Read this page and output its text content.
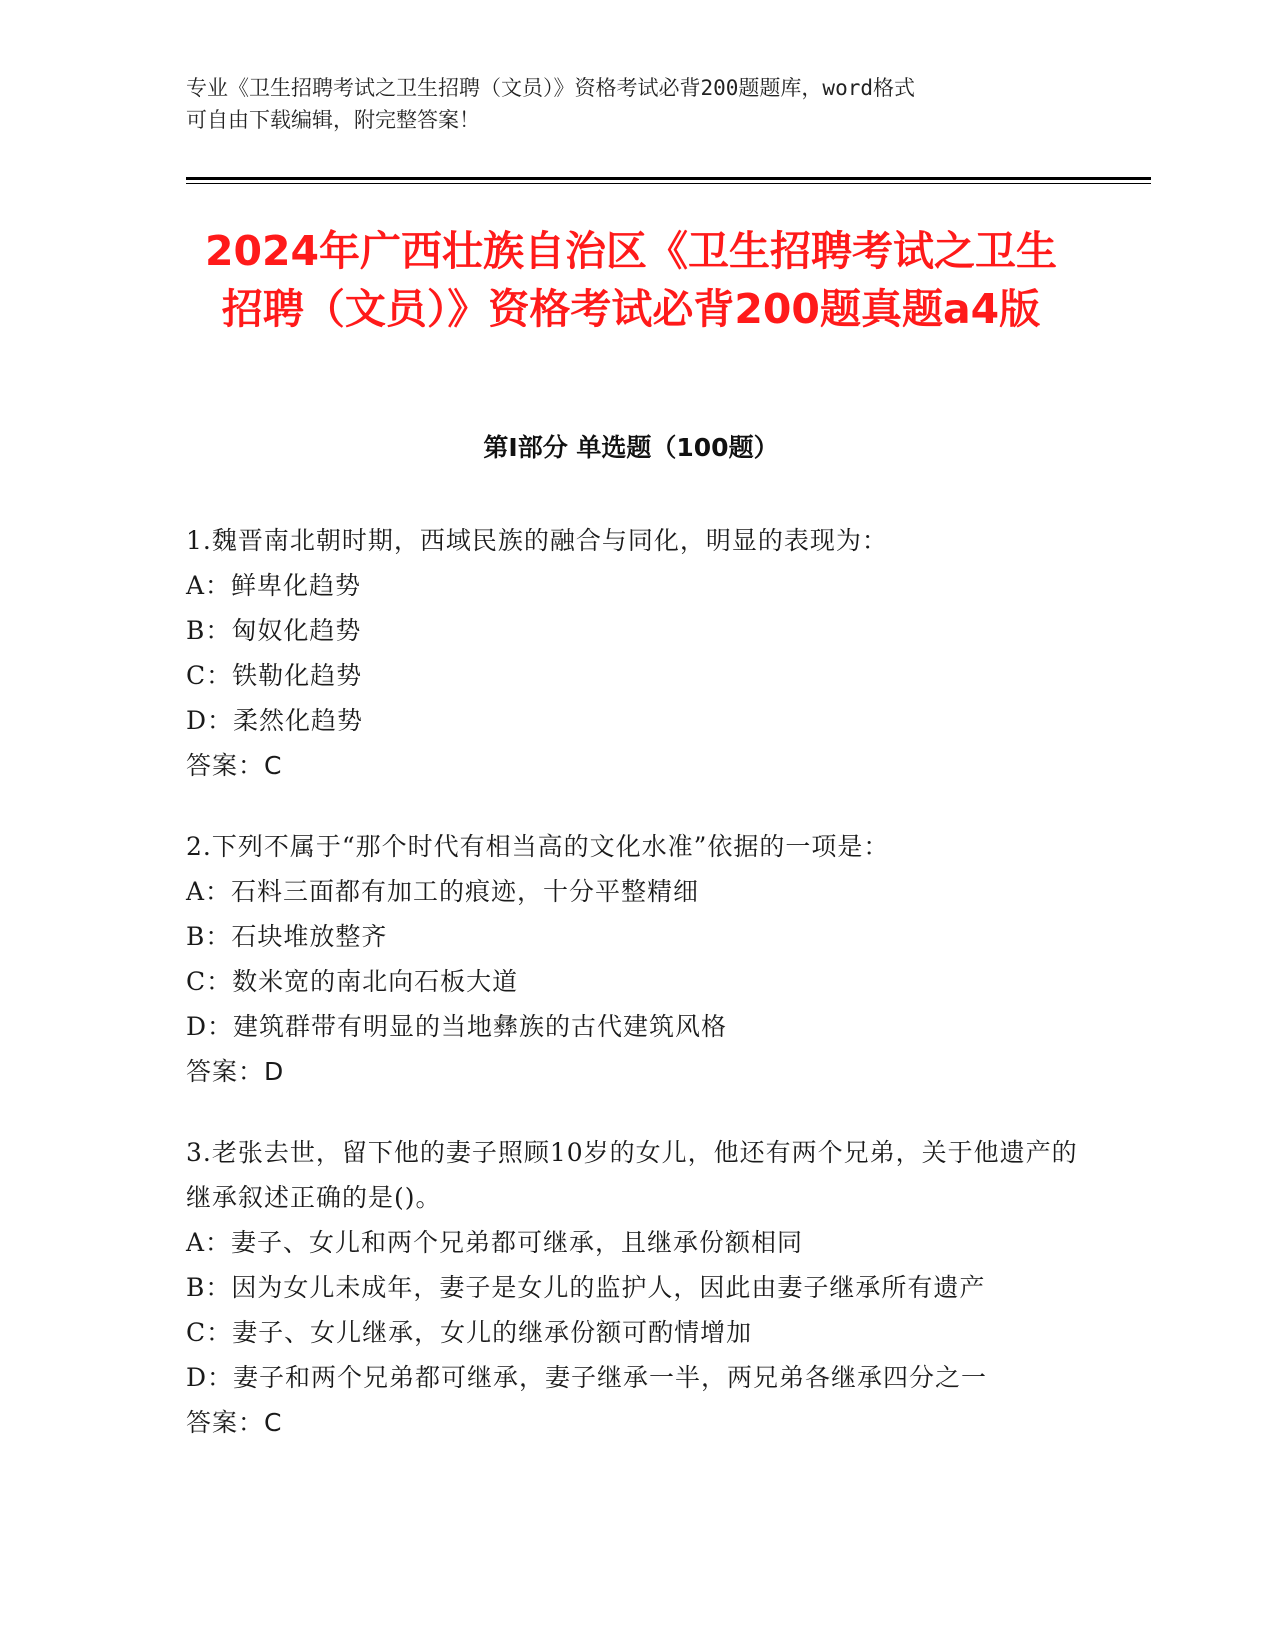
专业《卫生招聘考试之卫生招聘（文员）》资格考试必背200题题库，word格式
可自由下载编辑，附完整答案！
2024年广西壮族自治区《卫生招聘考试之卫生招聘（文员）》资格考试必背200题真题a4版
第Ⅰ部分 单选题（100题）
1.魏晋南北朝时期，西域民族的融合与同化，明显的表现为：
A：鲜卑化趋势
B：匈奴化趋势
C：铁勒化趋势
D：柔然化趋势
答案：C
2.下列不属于“那个时代有相当高的文化水准”依据的一项是：
A：石料三面都有加工的痕迹，十分平整精细
B：石块堆放整齐
C：数米宽的南北向石板大道
D：建筑群带有明显的当地彝族的古代建筑风格
答案：D
3.老张去世，留下他的妻子照顾10岁的女儿，他还有两个兄弟，关于他遗产的继承叙述正确的是()。
A：妻子、女儿和两个兄弟都可继承，且继承份额相同
B：因为女儿未成年，妻子是女儿的监护人，因此由妻子继承所有遗产
C：妻子、女儿继承，女儿的继承份额可酌情增加
D：妻子和两个兄弟都可继承，妻子继承一半，两兄弟各继承四分之一
答案：C
